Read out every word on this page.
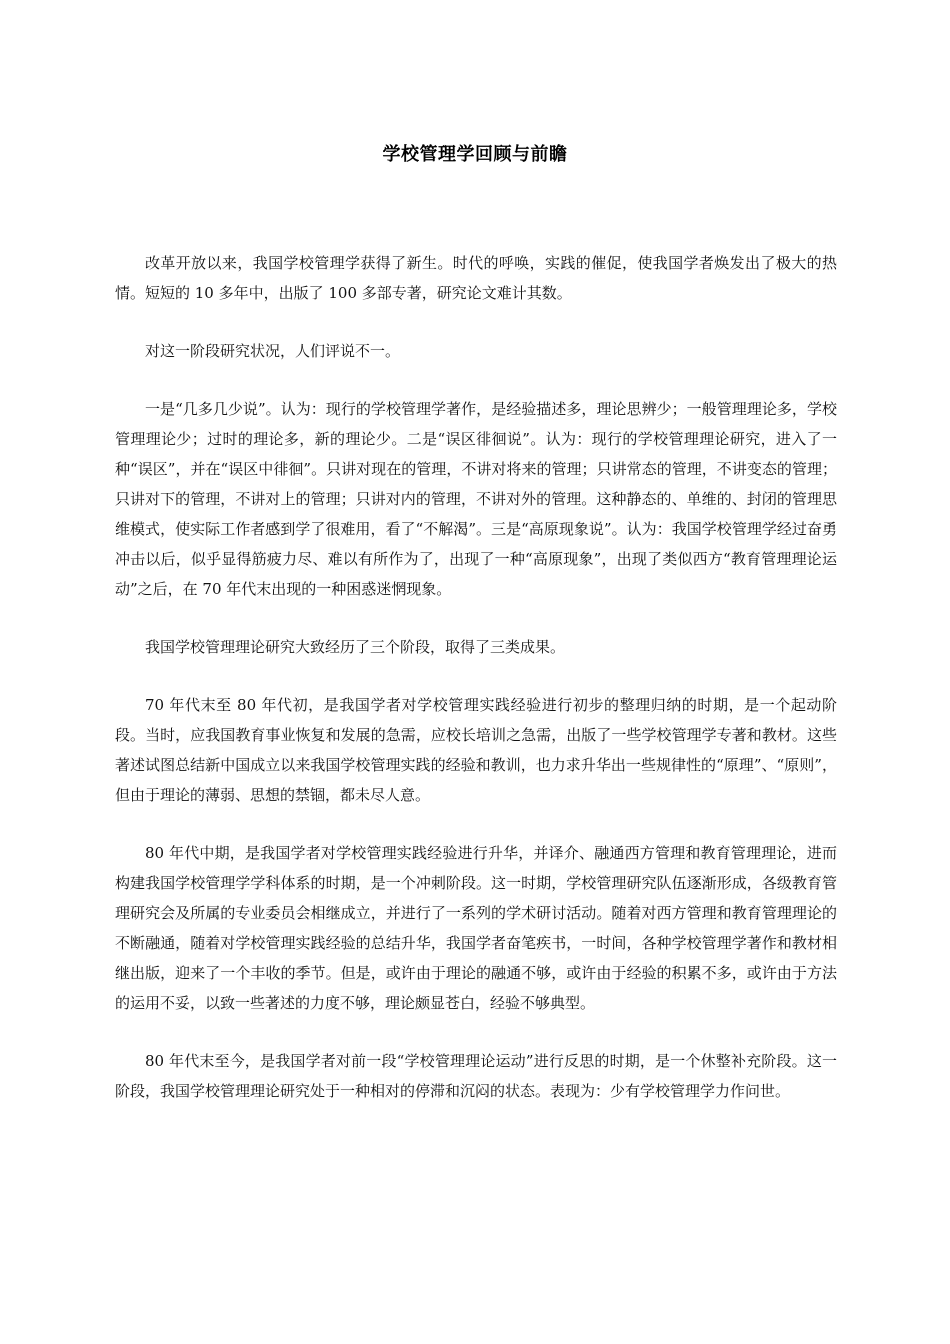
学校管理学回顾与前瞻

改革开放以来，我国学校管理学获得了新生。时代的呼唤，实践的催促，使我国学者焕发出了极大的热情。短短的 10 多年中，出版了 100 多部专著，研究论文难计其数。

对这一阶段研究状况，人们评说不一。

一是“几多几少说”。认为：现行的学校管理学著作，是经验描述多，理论思辨少；一般管理理论多，学校管理理论少；过时的理论多，新的理论少。二是“误区徘徊说”。认为：现行的学校管理理论研究，进入了一种“误区”，并在“误区中徘徊”。只讲对现在的管理，不讲对将来的管理；只讲常态的管理，不讲变态的管理；只讲对下的管理，不讲对上的管理；只讲对内的管理，不讲对外的管理。这种静态的、单维的、封闭的管理思维模式，使实际工作者感到学了很难用，看了“不解渴”。三是“高原现象说”。认为：我国学校管理学经过奋勇冲击以后，似乎显得筋疲力尽、难以有所作为了，出现了一种“高原现象”，出现了类似西方“教育管理理论运动”之后，在 70 年代末出现的一种困惑迷惘现象。

我国学校管理理论研究大致经历了三个阶段，取得了三类成果。

70 年代末至 80 年代初，是我国学者对学校管理实践经验进行初步的整理归纳的时期，是一个起动阶段。当时，应我国教育事业恢复和发展的急需，应校长培训之急需，出版了一些学校管理学专著和教材。这些著述试图总结新中国成立以来我国学校管理实践的经验和教训，也力求升华出一些规律性的“原理”、“原则”，但由于理论的薄弱、思想的禁锢，都未尽人意。

80 年代中期，是我国学者对学校管理实践经验进行升华，并译介、融通西方管理和教育管理理论，进而构建我国学校管理学学科体系的时期，是一个冲刺阶段。这一时期，学校管理研究队伍逐渐形成，各级教育管理研究会及所属的专业委员会相继成立，并进行了一系列的学术研讨活动。随着对西方管理和教育管理理论的不断融通，随着对学校管理实践经验的总结升华，我国学者奋笔疾书，一时间，各种学校管理学著作和教材相继出版，迎来了一个丰收的季节。但是，或许由于理论的融通不够，或许由于经验的积累不多，或许由于方法的运用不妥，以致一些著述的力度不够，理论颇显苍白，经验不够典型。

80 年代末至今，是我国学者对前一段“学校管理理论运动”进行反思的时期，是一个休整补充阶段。这一阶段，我国学校管理理论研究处于一种相对的停滞和沉闷的状态。表现为：少有学校管理学力作问世。
